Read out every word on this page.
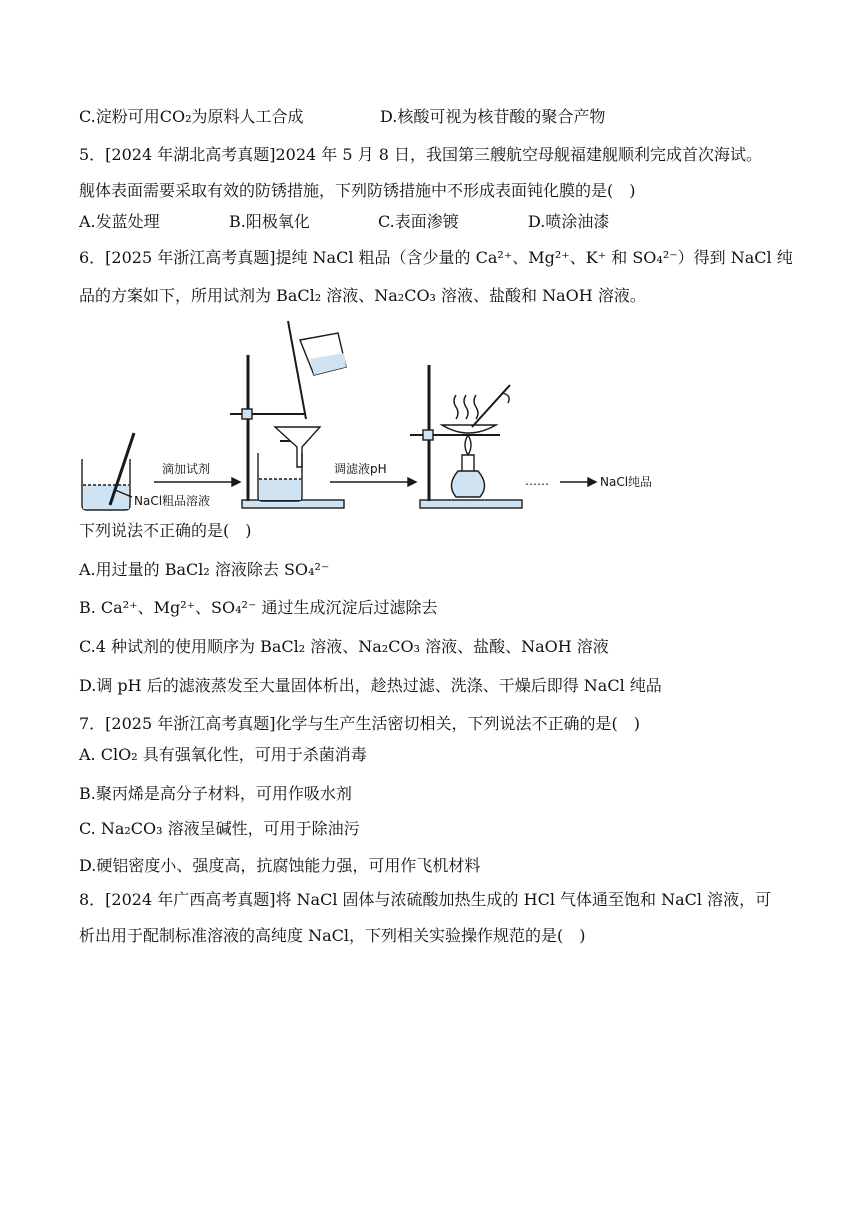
C.淀粉可用CO₂为原料人工合成	D.核酸可视为核苷酸的聚合产物
5．[2024 年湖北高考真题]2024 年 5 月 8 日，我国第三艘航空母舰福建舰顺利完成首次海试。
舰体表面需要采取有效的防锈措施，下列防锈措施中不形成表面钝化膜的是(　)
A.发蓝处理	B.阳极氧化	C.表面渗镀	D.喷涂油漆
6．[2025 年浙江高考真题]提纯 NaCl 粗品（含少量的 Ca²⁺、Mg²⁺、K⁺ 和 SO₄²⁻）得到 NaCl 纯
品的方案如下，所用试剂为 BaCl₂ 溶液、Na₂CO₃ 溶液、盐酸和 NaOH 溶液。
NaCl粗品溶液
滴加试剂	调滤液pH
……	NaCl纯品
下列说法不正确的是(　)
A.用过量的 BaCl₂ 溶液除去 SO₄²⁻
B. Ca²⁺、Mg²⁺、SO₄²⁻ 通过生成沉淀后过滤除去
C.4 种试剂的使用顺序为 BaCl₂ 溶液、Na₂CO₃ 溶液、盐酸、NaOH 溶液
D.调 pH 后的滤液蒸发至大量固体析出，趁热过滤、洗涤、干燥后即得 NaCl 纯品
7．[2025 年浙江高考真题]化学与生产生活密切相关，下列说法不正确的是(　)
A. ClO₂ 具有强氧化性，可用于杀菌消毒
B.聚丙烯是高分子材料，可用作吸水剂
C. Na₂CO₃ 溶液呈碱性，可用于除油污
D.硬铝密度小、强度高，抗腐蚀能力强，可用作飞机材料
8．[2024 年广西高考真题]将 NaCl 固体与浓硫酸加热生成的 HCl 气体通至饱和 NaCl 溶液，可
析出用于配制标准溶液的高纯度 NaCl，下列相关实验操作规范的是(　)
